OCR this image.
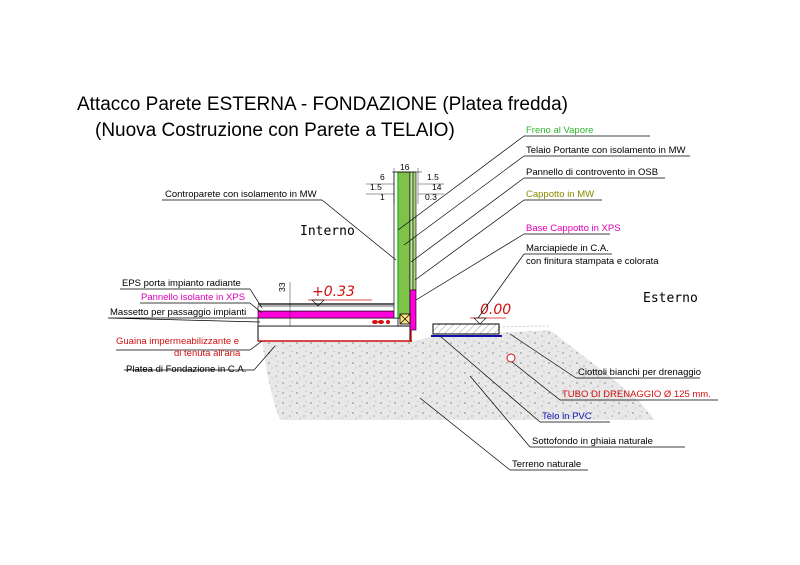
Attacco Parete ESTERNA - FONDAZIONE (Platea fredda)
(Nuova Costruzione con Parete a TELAIO)
16
6
1.5
1
1.5
14
0.3
33 +0.33
0.00
Interno
Esterno
Freno al Vapore
Telaio Portante con isolamento in MW
Pannello di controvento in OSB
Cappotto in MW
Base Cappotto in XPS
Marciapiede in C.A.
con finitura stampata e colorata
Ciottoli bianchi per drenaggio
TUBO DI DRENAGGIO Ø 125 mm.
Telo in PVC
Sottofondo in ghiaia naturale
Terreno naturale
Controparete con isolamento in MW
EPS porta impianto radiante
Pannello isolante in XPS
Massetto per passaggio impianti
Guaina impermeabilizzante e
di tenuta all'aria
Platea di Fondazione in C.A.
